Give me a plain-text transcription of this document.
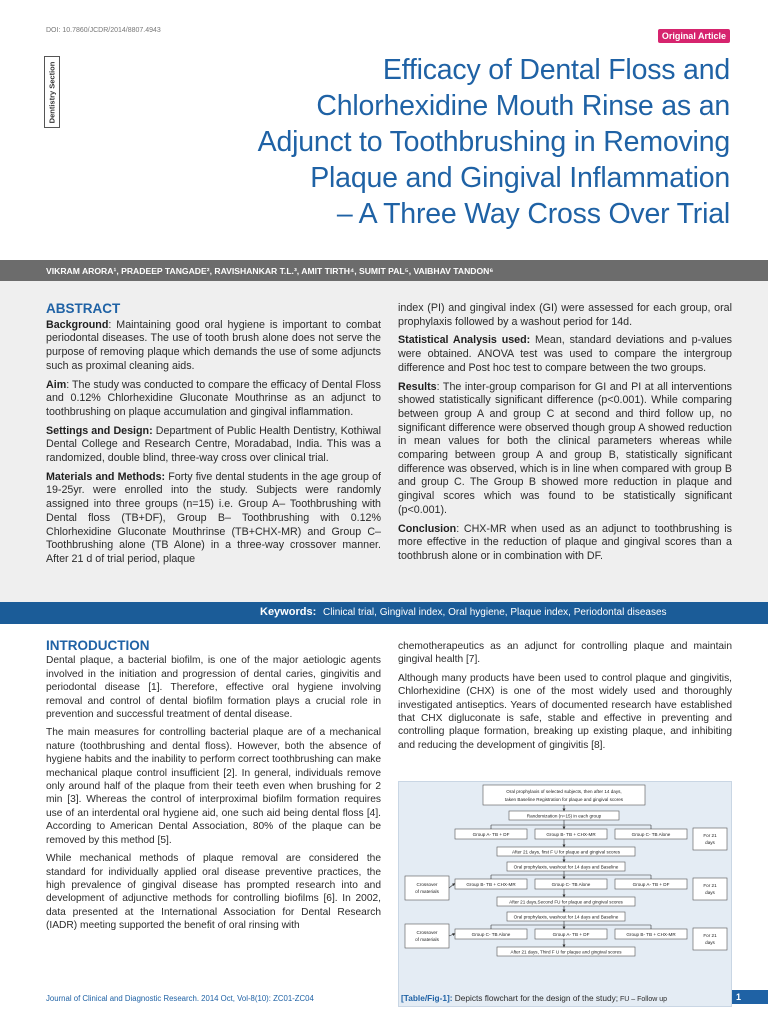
DOI: 10.7860/JCDR/2014/8807.4943
Original Article
Dentistry Section	Efficacy of Dental Floss and
Chlorhexidine Mouth Rinse as an
Adjunct to Toothbrushing in Removing
Plaque and Gingival Inflammation
– A Three Way Cross Over Trial
VIKRAM ARORA¹, PRADEEP TANGADE², RAVISHANKAR T.L.³, AMIT TIRTH⁴, SUMIT PAL⁵, VAIBHAV TANDON⁶
ABSTRACT

Background: Maintaining good oral hygiene is important to combat periodontal diseases. The use of tooth brush alone does not serve the purpose of removing plaque which demands the use of some adjuncts such as proximal cleaning aids.

Aim: The study was conducted to compare the efficacy of Dental Floss and 0.12% Chlorhexidine Gluconate Mouthrinse as an adjunct to toothbrushing on plaque accumulation and gingival inflammation.

Settings and Design: Department of Public Health Dentistry, Kothiwal Dental College and Research Centre, Moradabad, India. This was a randomized, double blind, three-way cross over clinical trial.

Materials and Methods: Forty five dental students in the age group of 19-25yr. were enrolled into the study. Subjects were randomly assigned into three groups (n=15) i.e. Group A– Toothbrushing with Dental floss (TB+DF), Group B– Toothbrushing with 0.12% Chlorhexidine Gluconate Mouthrinse (TB+CHX-MR) and Group C– Toothbrushing alone (TB Alone) in a three-way crossover manner. After 21 d of trial period, plaque

index (PI) and gingival index (GI) were assessed for each group, oral prophylaxis followed by a washout period for 14d.

Statistical Analysis used: Mean, standard deviations and p-values were obtained. ANOVA test was used to compare the intergroup difference and Post hoc test to compare between the two groups.

Results: The inter-group comparison for GI and PI at all interventions showed statistically significant difference (p<0.001). While comparing between group A and group C at second and third follow up, no significant difference were observed though group A showed reduction in mean values for both the clinical parameters whereas while comparing between group A and group B, statistically significant difference was observed, which is in line when compared with group B and group C. The Group B showed more reduction in plaque and gingival scores which was found to be statistically significant (p<0.001).

Conclusion: CHX-MR when used as an adjunct to toothbrushing is more effective in the reduction of plaque and gingival scores than a toothbrush alone or in combination with DF.

Keywords: Clinical trial, Gingival index, Oral hygiene, Plaque index, Periodontal diseases
INTRODUCTION

Dental plaque, a bacterial biofilm, is one of the major aetiologic agents involved in the initiation and progression of dental caries, gingivitis and periodontal disease [1]. Therefore, effective oral hygiene involving removal and control of dental biofilm formation plays a crucial role in prevention and successful treatment of dental disease.

The main measures for controlling bacterial plaque are of a mechanical nature (toothbrushing and dental floss). However, both the absence of hygiene habits and the inability to perform correct toothbrushing can make mechanical plaque control insufficient [2]. In general, individuals remove only around half of the plaque from their teeth even when brushing for 2 min [3]. Whereas the control of interproximal biofilm formation requires use of an interdental oral hygiene aid, one such aid being dental floss [4]. According to American Dental Association, 80% of the plaque can be removed by this method [5].

While mechanical methods of plaque removal are considered the standard for individually applied oral disease preventive practices, the high prevalence of gingival disease has prompted research into and development of adjunctive methods for controlling biofilms [6]. In 2002, data presented at the International Association for Dental Research (IADR) meeting supported the benefit of oral rinsing with

chemotherapeutics as an adjunct for controlling plaque and maintain gingival health [7].

Although many products have been used to control plaque and gingivitis, Chlorhexidine (CHX) is one of the most widely used and thoroughly investigated antiseptics. Years of documented research have established that CHX digluconate is safe, stable and effective in preventing and controlling plaque formation, breaking up existing plaque, and inhibiting and reducing the development of gingivitis [8].

Oral prophylaxis of selected subjects, then after 14 days,
taken Baseline Registration for plaque and gingival scores
Randomization (n=15) in each group
Group A- TB + DF	Group B- TB + CHX-MR	Group C- TB Alone
After 21 days, first F U for plaque and gingival scores
Oral prophylaxis, washout for 14 days and Baseline
Group B- TB + CHX-MR	Group C- TB Alone	Group A- TB + DF
After 21 days,Second FU for plaque and gingival scores
Oral prophylaxis, washout for 14 days and Baseline
Group C- TB Alone	Group A- TB + DF	Group B- TB + CHX-MR
After 21 days, Third F U for plaque and gingival scores
Crossover
of materials
Crossover
of materials
For 21
days
For 21
days
For 21
days
[Table/Fig-1]: Depicts flowchart for the design of the study; FU – Follow up
Journal of Clinical and Diagnostic Research. 2014 Oct, Vol-8(10): ZC01-ZC04	1
